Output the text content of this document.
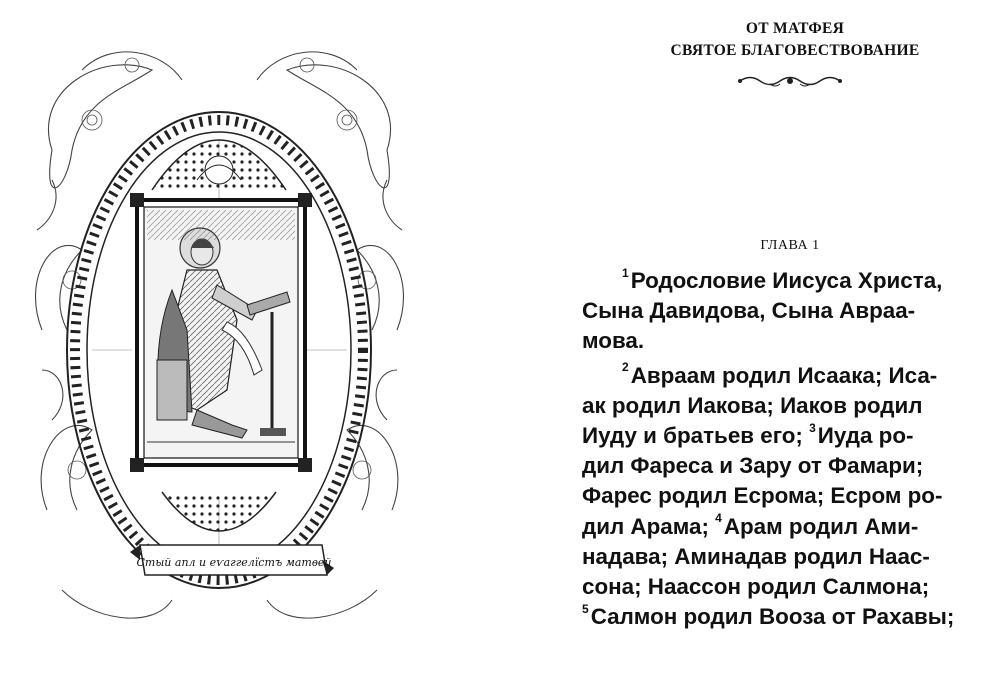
Стый апл и еѵаггелїстъ матѳей
ОТ МАТФЕЯ
СВЯТОЕ БЛАГОВЕСТВОВАНИЕ
ГЛАВА 1
$^1$Родословие Иисуса Христа,
Сына Давидова, Сына Авраа-
мова.
$^2$Авраам родил Исаака; Иса-
ак родил Иакова; Иаков родил
Иуду и братьев его; $^3$Иуда ро-
дил Фареса и Зару от Фамари;
Фарес родил Есрома; Есром ро-
дил Арама; $^4$Арам родил Ами-
надава; Аминадав родил Наас-
сона; Наассон родил Салмона;
$^5$Салмон родил Вооза от Рахавы;
